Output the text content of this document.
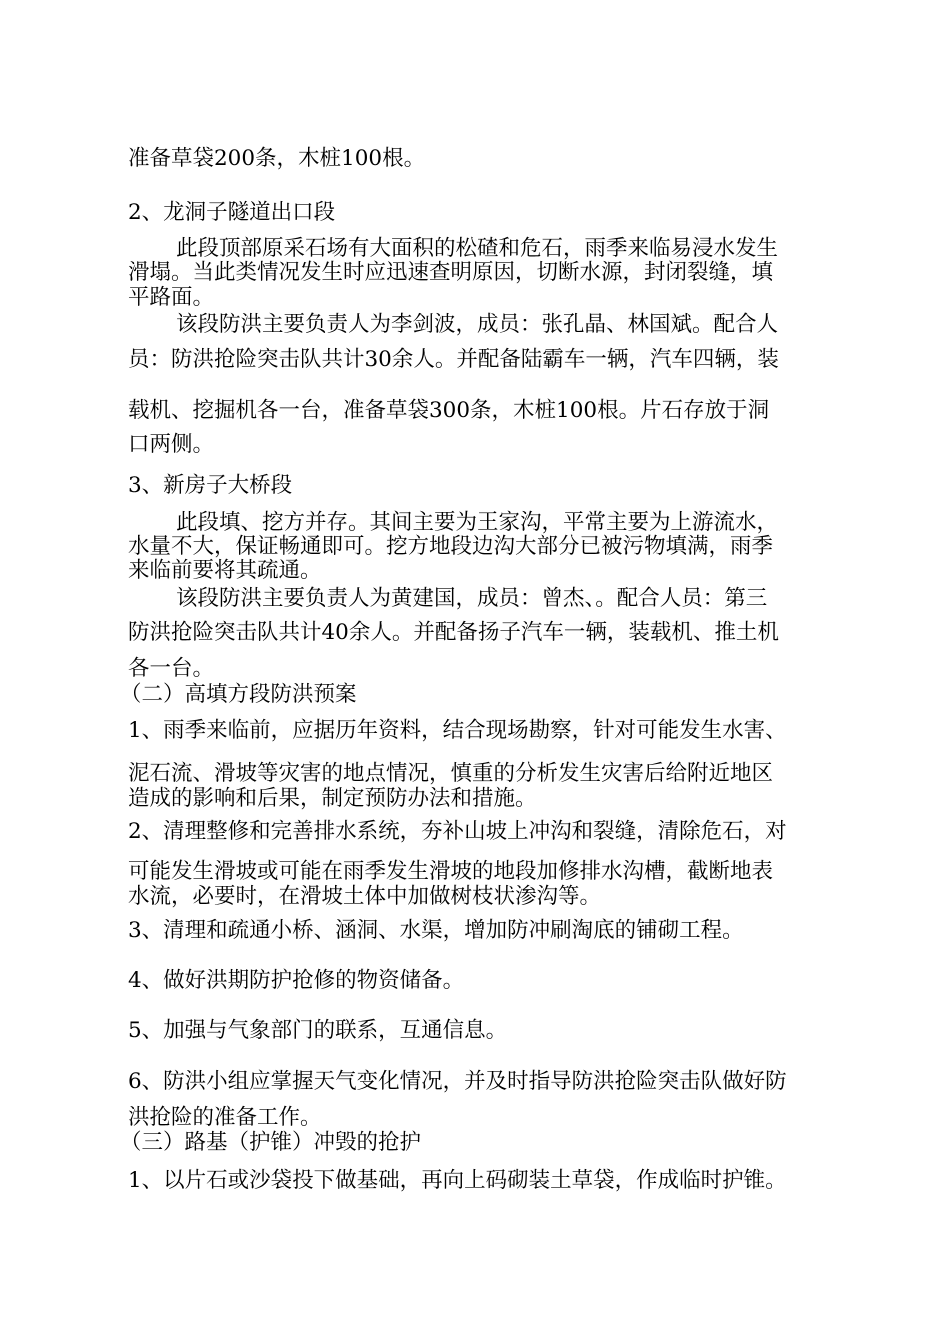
准备草袋200条，木桩100根。
2、龙洞子隧道出口段
此段顶部原采石场有大面积的松碴和危石，雨季来临易浸水发生
滑塌。当此类情况发生时应迅速查明原因，切断水源，封闭裂缝，填
平路面。
该段防洪主要负责人为李剑波，成员：张孔晶、林国斌。配合人
员：防洪抢险突击队共计30余人。并配备陆霸车一辆，汽车四辆，装
载机、挖掘机各一台，准备草袋300条，木桩100根。片石存放于洞
口两侧。
3、新房子大桥段
此段填、挖方并存。其间主要为王家沟，平常主要为上游流水，
水量不大，保证畅通即可。挖方地段边沟大部分已被污物填满，雨季
来临前要将其疏通。
该段防洪主要负责人为黄建国，成员：曾杰、。配合人员：第三
防洪抢险突击队共计40余人。并配备扬子汽车一辆，装载机、推土机
各一台。
（二）高填方段防洪预案
1、雨季来临前，应据历年资料，结合现场勘察，针对可能发生水害、
泥石流、滑坡等灾害的地点情况，慎重的分析发生灾害后给附近地区
造成的影响和后果，制定预防办法和措施。
2、清理整修和完善排水系统，夯补山坡上冲沟和裂缝，清除危石，对
可能发生滑坡或可能在雨季发生滑坡的地段加修排水沟槽，截断地表
水流，必要时，在滑坡土体中加做树枝状渗沟等。
3、清理和疏通小桥、涵洞、水渠，增加防冲刷淘底的铺砌工程。
4、做好洪期防护抢修的物资储备。
5、加强与气象部门的联系，互通信息。
6、防洪小组应掌握天气变化情况，并及时指导防洪抢险突击队做好防
洪抢险的准备工作。
（三）路基（护锥）冲毁的抢护
1、以片石或沙袋投下做基础，再向上码砌装土草袋，作成临时护锥。
